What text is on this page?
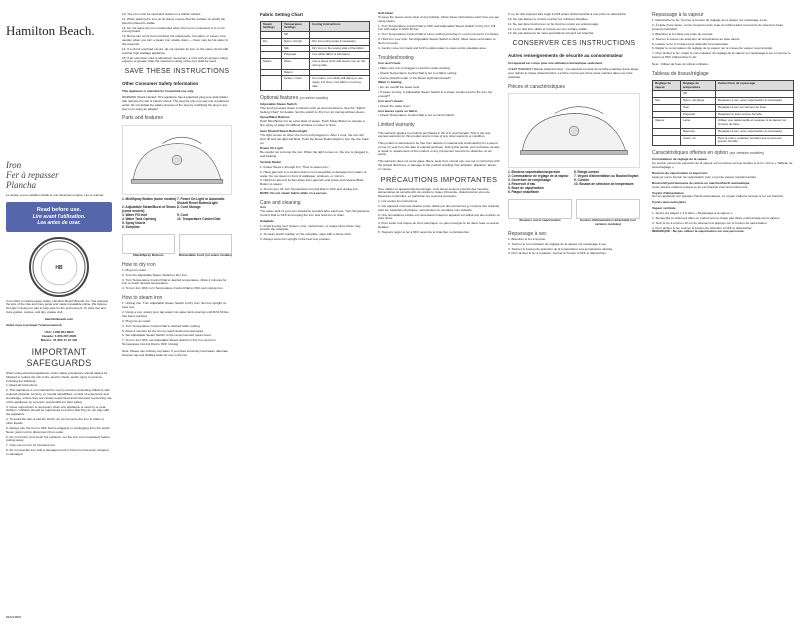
Hamilton Beach.
Iron
Fer à repasser
Plancha
Le lecteur a une coédition tactile et une dimension unique. Lire le manuel.
Read before use.
Lire avant l'utilisation.
Lea antes de usar.
HB
In an effort to reduce paper waste, Hamilton Beach Brands, Inc. has reduced the size of the Use and Care guide and made it available online. We believe strongly in doing our part to help care for the environment. To view Use and Care guides, recipes, and tips, please visit:
hamiltonbeach.com
Aidez-nous à protéger l'environnement
USA: 1.800.851.8900
Canada: 1.800.267.2826
México: 01 800 71 16 100
IMPORTANT SAFEGUARDS
When using electrical appliances, basic safety precautions should always be followed to reduce the risk of fire, electric shock, and/or injury to persons, including the following:
1. Read all instructions.
2. This appliance is not intended for use by persons (including children) with reduced physical, sensory, or mental capabilities, or lack of experience and knowledge, unless they are closely supervised and instructed concerning use of the appliance by a person responsible for their safety.
3. Close supervision is necessary when any appliance is used by or near children. Children should be supervised to ensure that they do not play with the appliance.
4. To avoid the risk of electric shock, do not immerse the iron in water or other liquids.
5. Always turn the iron to OFF before plugging or unplugging from the outlet. Never yank cord to disconnect from outlet.
6. Do not let the cord touch hot surfaces. Let the iron cool completely before putting away.
7. Only use iron for its intended use.
8. Do not operate iron with a damaged cord or if the iron has been dropped or damaged.
840213800
10. The iron must be used and rested on a stable surface.
11. When placing the iron on its stand, ensure that the surface on which the stand is placed is stable.
12. Do not leave the iron unattended when the iron is connected or is on its ironing board.
13. Burns can occur from touching hot metal parts, hot water, or steam. Use caution when you turn a steam iron upside down — there may be hot water in the reservoir.
14. If a circuit overload occurs, do not operate an iron on the same circuit with another high wattage appliance.
15. If an extension cord is absolutely necessary, a cord with an ampere rating equal to or greater than the maximum rating of the iron shall be used.
SAVE THESE INSTRUCTIONS
Other Consumer Safety Information
This appliance is intended for household use only.
WARNING Shock Hazard: This appliance has a polarized plug (one wide blade) that reduces the risk of electric shock. The plug fits only one way into a polarized outlet. Do not defeat the safety purpose of the plug by modifying the plug in any way or by using an adapter.
Parts and features
1. Mist/Spray Button (some models) 7. Power On Light or Automatic Shutoff Reset Button/Light
2. Adjustable Steam/Burst of Steam (some models)
8. Cord Storage
3. Water Fill Inlet	9. Cord
4. Water Tank Opening	10. Temperature Control Dial
5. Spray Nozzle
6. Soleplate
Black/Spray Buttons	Retractable Cord (on select models)
How to dry iron
1. Plug into outlet.
2. Turn the Adjustable Steam Switch to Dry Iron.
3. Turn Temperature Control Dial to desired temperature. Allow 2 minutes for iron to reach desired temperature.
4. To turn iron OFF, turn Temperature Control Dial to OFF and unplug iron.
How to steam iron
1. Unplug iron. Turn Adjustable Steam Switch to Dry Iron. Set iron upright on heel rest.
2. Using a cup, slowly pour tap water into water tank opening until MAX fill line has been reached.
3. Plug into an outlet.
4. Turn Temperature Control Dial to desired fabric setting.
5. Allow 2 minutes for the iron to reach desired temperature.
6. Set Adjustable Steam Switch to the recommended steam level.
7. To turn iron OFF, set Adjustable Steam Switch to Dry Iron and turn Temperature Control Dial to OFF. Unplug.
Note: Please use ordinary tap water. If you have extremely hard water, alternate between tap and distilled water for use in the iron.
Fabric Setting Chart
Steam Settings	Temperature Settings	Ironing Instructions
	Off	
Dry	Nylon, Acrylic	Dry iron using spray if necessary.
	Silk	Dry iron on the wrong side of the fabric.
	Polyester	Iron while fabric is still damp.
Steam	Wool	Use a press cloth and steam iron on the wrong side.
	Rayon	
	Cotton, Linen	For cotton, iron while still damp or use spray. For linen, iron fabric on wrong side.
Optional features (on select models)
Adjustable Steam Switch
This knob provides steam to fabrics such as wool and linens. See the "Fabric Setting Chart" for details. Set the switch to Dry Iron for ironing without steam.
Spray/Blast Buttons
Push Mist Button for an extra blast of steam. Push Spray Button to release a fine spray of water for difficult wrinkles in cotton or linen.
Auto Shutoff Reset Button/Light
The light comes on when the iron is left plugged in. After 1 hour, the iron will shut off and the light will blink. Push the Reset Button/Light to turn the iron back on.
Power On Light
Be careful not to bump the iron. When the light comes on, the iron is plugged in and heating.
Vertical Steam
1. Follow Steps 1 through 6 in "How to steam iron."
2. Hang garment in a location that is not susceptible to damage from steam or water. Do not steam in front of wallpaper, windows, or mirrors.
3. Hold iron about 6 inches away from garment and press and release Blast Button to steam.
4. To turn iron off, turn Temperature Control Dial to OFF and unplug iron.
NOTE: Do not steam fabric while on a person.
Care and cleaning
Iron
The water tank of your iron should be emptied after each use. Turn Temperature Control Dial to OFF and unplug the iron and hold iron to drain.
Soleplate
1. Avoid ironing over zippers, pins, metal rivets, or snaps since these may scratch the soleplate.
2. To clean starch buildup on the soleplate, wipe with a damp cloth.
3. Always store iron upright in the heel rest position.
Self-Clean
To keep the steam vents clear of any buildup, follow these instructions each time you are using steam.
1. Turn Temperature Control Dial to OFF and Adjustable Steam Switch to Dry Iron. Fill iron with water to MAX fill line.
2. Turn Temperature Control Dial to Linen setting and plug in. Let iron heat for 2 minutes.
3. Hold iron over sink. Set Adjustable Steam Switch to MAX. Allow steam and water to flush out vents.
4. Gently move iron back and forth to allow water to clean entire soleplate area.
Troubleshooting
Iron won't heat.
• Make sure iron is plugged in and the outlet working.
• Check Temperature Control Dial is set to a fabric setting.
• If auto shutoff model, is the Reset Light illuminated?
Water is leaking.
• Do not overfill the water tank.
• If steam ironing, is Adjustable Steam Switch in a steam position and is the iron hot enough?
Iron won't steam.
• Check the water level.
Iron leaves spots on fabric.
• Check Temperature Control Dial is set to correct fabric.
Limited warranty
This warranty applies to products purchased in the U.S. and Canada. This is the only express warranty for this product and is in lieu of any other warranty or condition.
This product is warranted to be free from defects in material and workmanship for a period of one (1) year from the date of original purchase. During this period, your exclusive remedy is repair or replacement of this product or any component found to be defective, at our option.
This warranty does not cover glass, filters, wear from normal use, use not in conformity with the printed directions, or damage to the product resulting from accident, alteration, abuse, or misuse.
PRÉCAUTIONS IMPORTANTES
Pour utiliser un appareil électroménager, vous devez toujours prendre des mesures élémentaires de sécurité afin de réduire le risque d'incendie, d'électrocution et/ou de blessures corporelles, en particulier les mesures suivantes :
1. Lire toutes les instructions.
2. Cet appareil n'est pas destiné à être utilisé par des personnes (y compris des enfants) dont les capacités physiques, sensorielles ou mentales sont réduites.
3. Une surveillance étroite est nécessaire lorsqu'un appareil est utilisé par des enfants ou près d'eux.
4. Pour éviter tout risque de choc électrique, ne pas immerger le fer dans l'eau ou autres liquides.
5. Toujours régler le fer à OFF avant de le brancher ou débrancher.
9. Le fer doit toujours être réglé à OFF avant d'être branché à une prise ou débranché.
10. Ne pas laisser le cordon toucher les surfaces chaudes.
11. Ne pas faire fonctionner un fer dont le cordon est endommagé.
12. Le fer doit être utilisé et reposé sur une surface stable.
13. Ne pas laisser le fer sans surveillance lorsqu'il est branché.
CONSERVER CES INSTRUCTIONS
Autres renseignements de sécurité au consommateur
Cet appareil est conçu pour une utilisation domestique seulement.
AVERTISSEMENT Risque d'électrocution : Cet appareil est doté d'une fiche polarisée (lame large) pour réduire le risque d'électrocution. La fiche n'entre que d'une seule manière dans une prise polarisée.
Pièces et caractéristiques
1. Boutons vaporisation/aspersion	8. Range-cordon
2. Commutateur de réglage de la vapeur	7. Voyant d'alimentation ou Bouton/Voyant
3. Ouverture de remplissage	9. Cordon
4. Réservoir d'eau	10. Bouton de sélection de température
5. Buse de vaporisation
6. Plaque chauffante
Boutons noirs/ vaporisation	Cordon d'alimentation rétractable (sur certains modèles)
Repassage à sec
1. Brancher le fer à la prise.
2. Tourner le commutateur de réglage de la vapeur sur repassage à sec.
3. Tourner le bouton de sélection de la température à la température désirée.
4. Pour arrêter le fer à repasser, tourner le bouton à OFF et débrancher.
Repassage à la vapeur
1. Débrancher le fer. Tourner le bouton de réglage de la vapeur sur repassage à sec.
2. À l'aide d'une tasse, verser doucement de l'eau du robinet dans l'ouverture du réservoir d'eau jusqu'au trait MAX.
3. Brancher le fer dans une prise de courant.
4. Tourner le bouton de sélection de température au tissu désiré.
5. Laisser le fer 2 minutes pour atteindre la température.
6. Régler le commutateur de réglage de la vapeur sur le niveau de vapeur recommandé.
7. Pour arrêter le fer, régler le commutateur de réglage de la vapeur sur repassage à sec et tourner le bouton à OFF. Débrancher le fer.
Note : Utiliser de l'eau du robinet ordinaire.
Tableau de tissus/réglage
Réglage de vapeur	Réglage de température	Instructions de repassage
	Off	
Sec	Nylon, acrylique	Repasser à sec, avec vaporisation si nécessaire.
	Soie	Repasser à sec sur l'envers du tissu.
	Polyester	Repasser le tissu encore humide.
Vapeur	Laine	Utiliser une pattemouille et repasser à la vapeur sur l'envers du tissu.
	Rayonne	Repasser à sec, avec vaporisation si nécessaire.
	Coton, lin	Pour le coton, repasser pendant que le tissu est encore humide.
Caractéristiques offertes en option (sur certains modèles)
Commutateur de réglage de la vapeur
Ce bouton permet de vaporiser de la vapeur sur les tissus comme la laine et le lin. Voir le « Tableau de tissus/réglage ».
Boutons de vaporisation et aspersion
Appuyer sur le bouton de vaporisation pour un jet de vapeur supplémentaire.
Bouton/Voyant lumineux de remise en marche/d'arrêt automatique
Cette lumière s'allume lorsque le fer est branché pour la première fois.
Voyant d'alimentation
Sur les appareils non équipés d'arrêt automatique, ce voyant s'allume lorsque le fer est branché.
Cycles auto-nettoyants
Vapeur verticale
1. Suivre les étapes 1 à 6 dans « Repassage à la vapeur ».
2. Suspendre le vêtement dans un endroit qui ne risque pas d'être endommagé par la vapeur.
3. Tenir le fer à environ 15 cm du vêtement et appuyer sur le bouton de vaporisation.
4. Pour arrêter le fer, tourner le bouton de sélection à OFF et débrancher.
REMARQUE : Ne pas utiliser la vaporisation sur une personne.
